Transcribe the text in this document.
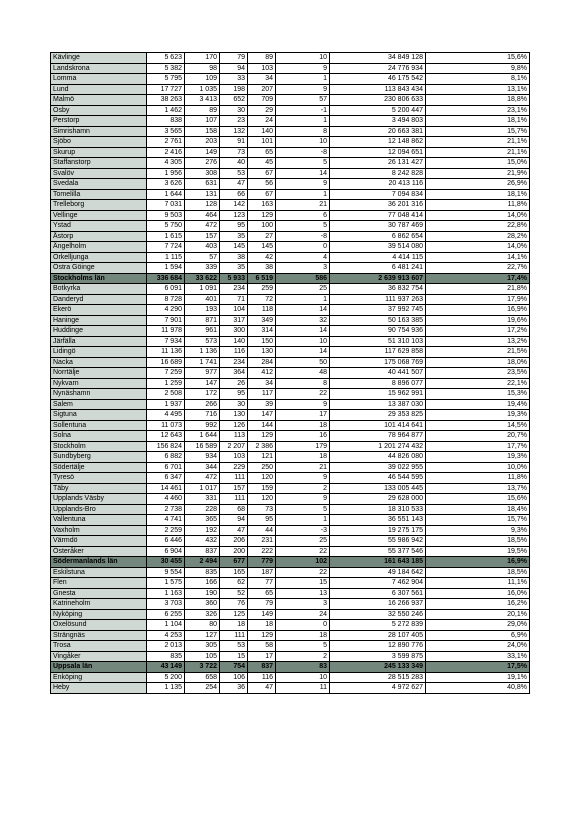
Kävlinge	5 623	170	79	89	10	34 849 128	15,6%
Landskrona	5 382	98	94	103	9	24 776 934	9,8%
Lomma	5 795	109	33	34	1	46 175 542	8,1%
Lund	17 727	1 035	198	207	9	113 843 434	13,1%
Malmö	38 263	3 413	652	709	57	230 806 633	18,8%
Osby	1 462	89	30	29	-1	5 200 447	23,1%
Perstorp	838	107	23	24	1	3 494 803	18,1%
Simrishamn	3 565	158	132	140	8	20 663 381	15,7%
Sjöbo	2 761	203	91	101	10	12 148 862	21,1%
Skurup	2 416	149	73	65	-8	12 094 651	21,1%
Staffanstorp	4 305	276	40	45	5	26 131 427	15,0%
Svalöv	1 956	308	53	67	14	8 242 828	21,9%
Svedala	3 626	631	47	56	9	20 413 116	26,9%
Tomelilla	1 644	131	66	67	1	7 094 834	18,1%
Trelleborg	7 031	128	142	163	21	36 201 316	11,8%
Vellinge	9 503	464	123	129	6	77 048 414	14,0%
Ystad	5 750	472	95	100	5	30 787 469	22,8%
Åstorp	1 615	157	35	27	-8	6 862 654	28,2%
Ängelholm	7 724	403	145	145	0	39 514 080	14,0%
Örkelljunga	1 115	57	38	42	4	4 414 115	14,1%
Östra Göinge	1 594	339	35	38	3	6 481 241	22,7%
Stockholms län	336 684	33 622	5 933	6 519	586	2 639 913 607	17,4%
Botkyrka	6 091	1 091	234	259	25	36 832 754	21,8%
Danderyd	8 728	401	71	72	1	111 937 263	17,9%
Ekerö	4 290	193	104	118	14	37 992 745	16,9%
Haninge	7 901	871	317	349	32	50 163 385	19,6%
Huddinge	11 978	961	300	314	14	90 754 936	17,2%
Järfälla	7 934	573	140	150	10	51 310 103	13,2%
Lidingö	11 136	1 136	116	130	14	117 629 858	21,5%
Nacka	16 689	1 741	234	284	50	175 068 769	18,0%
Norrtälje	7 259	977	364	412	48	40 441 507	23,5%
Nykvarn	1 259	147	26	34	8	8 896 077	22,1%
Nynäshamn	2 508	172	95	117	22	15 962 991	15,3%
Salem	1 937	266	30	39	9	13 387 030	19,4%
Sigtuna	4 495	716	130	147	17	29 353 825	19,3%
Sollentuna	11 073	992	126	144	18	101 414 641	14,5%
Solna	12 643	1 644	113	129	16	78 964 877	20,7%
Stockholm	156 824	16 589	2 207	2 386	179	1 201 274 432	17,7%
Sundbyberg	6 882	934	103	121	18	44 826 080	19,3%
Södertälje	6 701	344	229	250	21	39 022 955	10,0%
Tyresö	6 347	472	111	120	9	46 544 595	11,8%
Täby	14 461	1 017	157	159	2	133 005 445	13,7%
Upplands Väsby	4 460	331	111	120	9	29 628 000	15,6%
Upplands-Bro	2 738	228	68	73	5	18 310 533	18,4%
Vallentuna	4 741	365	94	95	1	36 551 143	15,7%
Vaxholm	2 259	192	47	44	-3	19 275 175	9,3%
Värmdö	6 446	432	206	231	25	55 986 942	18,5%
Österåker	6 904	837	200	222	22	55 377 546	19,5%
Södermanlands län	30 455	2 494	677	779	102	161 643 185	16,9%
Eskilstuna	9 554	835	165	187	22	49 184 642	18,5%
Flen	1 575	166	62	77	15	7 462 904	11,1%
Gnesta	1 163	190	52	65	13	6 307 561	16,0%
Katrineholm	3 703	360	76	79	3	16 266 937	16,2%
Nyköping	6 255	326	125	149	24	32 550 246	20,1%
Oxelösund	1 104	80	18	18	0	5 272 839	29,0%
Strängnäs	4 253	127	111	129	18	28 107 405	6,9%
Trosa	2 013	305	53	58	5	12 890 776	24,0%
Vingåker	835	105	15	17	2	3 599 875	33,1%
Uppsala län	43 149	3 722	754	837	83	245 133 349	17,5%
Enköping	5 200	658	106	116	10	28 515 283	19,1%
Heby	1 135	254	36	47	11	4 972 627	40,8%
